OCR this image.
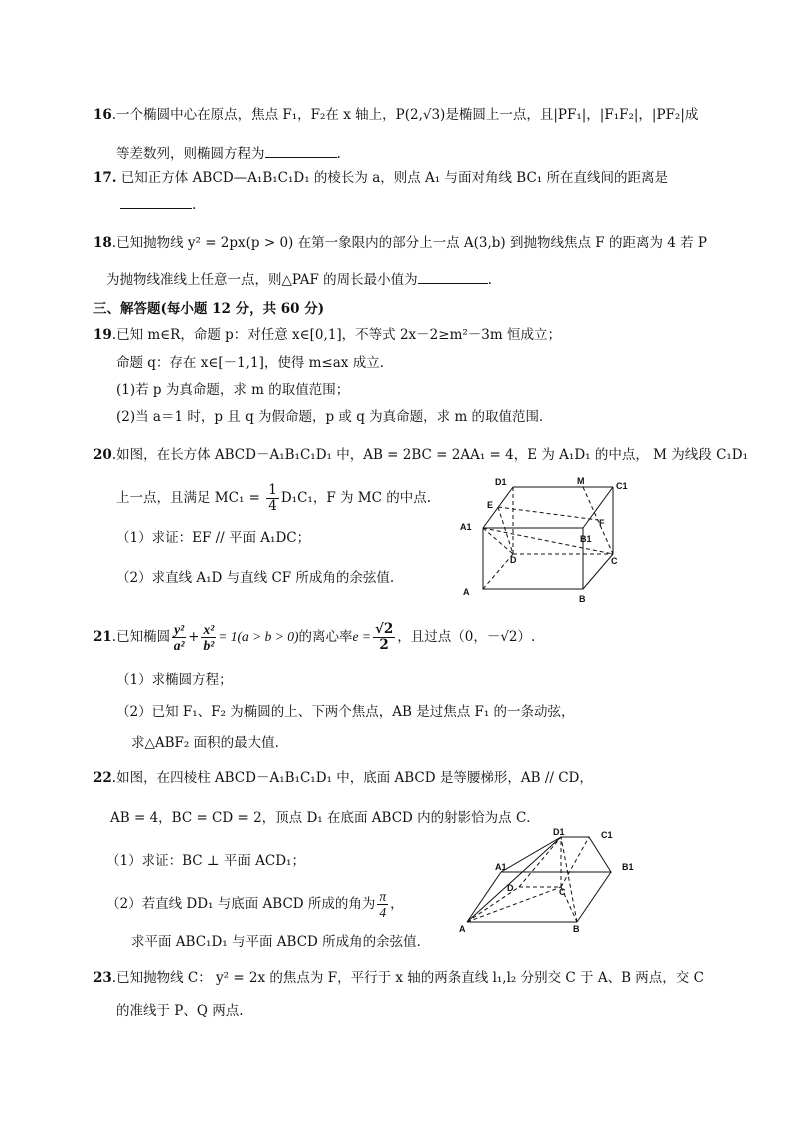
16.一个椭圆中心在原点，焦点 F₁，F₂在 x 轴上，P(2,√3)是椭圆上一点，且|PF₁|，|F₁F₂|，|PF₂|成
等差数列，则椭圆方程为	.
17. 已知正方体 ABCD—A₁B₁C₁D₁ 的棱长为 a，则点 A₁ 与面对角线 BC₁ 所在直线间的距离是
.
18.已知抛物线 y² = 2px(p > 0) 在第一象限内的部分上一点 A(3,b) 到抛物线焦点 F 的距离为 4 若 P
为抛物线准线上任意一点，则△PAF 的周长最小值为	.
三、解答题(每小题 12 分，共 60 分)
19.已知 m∈R，命题 p：对任意 x∈[0,1]，不等式 2x－2≥m²－3m 恒成立；
命题 q：存在 x∈[－1,1]，使得 m≤ax 成立．
(1)若 p 为真命题，求 m 的取值范围；
(2)当 a＝1 时，p 且 q 为假命题，p 或 q 为真命题，求 m 的取值范围．
20.如图，在长方体 ABCD－A₁B₁C₁D₁ 中，AB = 2BC = 2AA₁ = 4，E 为 A₁D₁ 的中点， M 为线段 C₁D₁
上一点，且满足 $MC_1 = \frac{1}{4} D_1C_1$，F 为 MC 的中点.
（1）求证：EF // 平面 A₁DC；
（2）求直线 A₁D 与直线 CF 所成角的余弦值.
D1	M	C1
E
F
A1
B1
D	C
A
B
21.已知椭圆 $\frac{\text{y²}}{\text{a²}} + \frac{\text{x²}}{\text{b²}} = 1(a > b > 0)$的离心率$e = \frac{√2}{2}$ ，且过点（0，－√2）.
（1）求椭圆方程；
（2）已知 F₁、F₂ 为椭圆的上、下两个焦点，AB 是过焦点 F₁ 的一条动弦，
求△ABF₂ 面积的最大值.
22.如图，在四棱柱 ABCD－A₁B₁C₁D₁ 中，底面 ABCD 是等腰梯形，AB // CD，
AB = 4，BC = CD = 2，顶点 D₁ 在底面 ABCD 内的射影恰为点 C．
（1）求证：BC ⊥ 平面 ACD₁；
（2）若直线 DD₁ 与底面 ABCD 所成的角为 $\frac{\pi}{4}$ ，
求平面 ABC₁D₁ 与平面 ABCD 所成角的余弦值．
D1	C1
A1	B1
D	C
A	B
23.已知抛物线 C： y² = 2x 的焦点为 F，平行于 x 轴的两条直线 l₁,l₂ 分别交 C 于 A、B 两点，交 C
的准线于 P、Q 两点.
